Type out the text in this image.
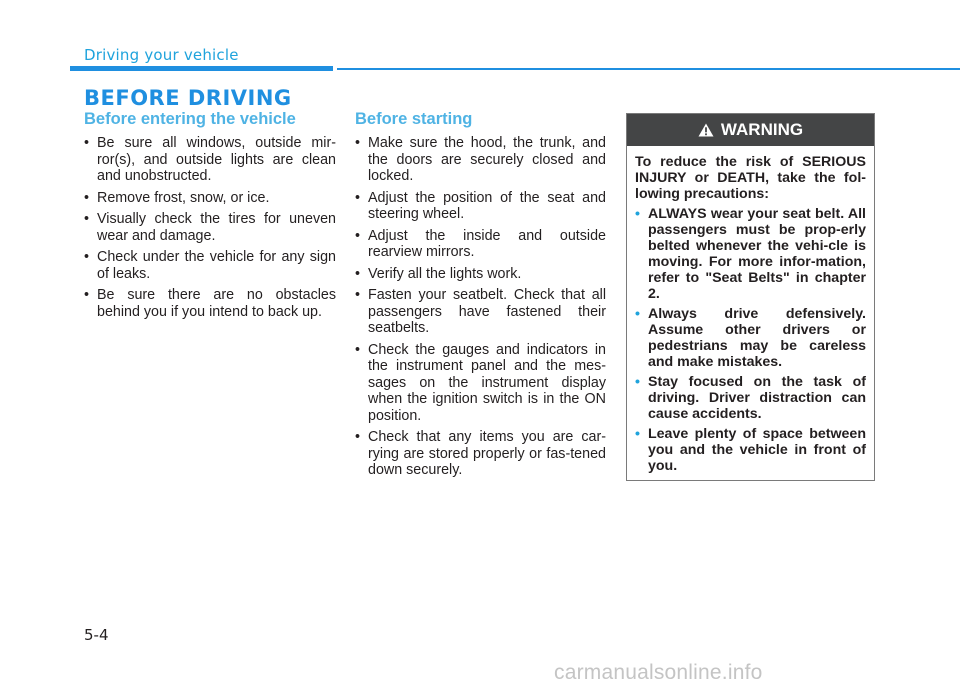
Driving your vehicle
BEFORE DRIVING
Before entering the vehicle
• Be sure all windows, outside mir-ror(s), and outside lights are clean and unobstructed.
• Remove frost, snow, or ice.
• Visually check the tires for uneven wear and damage.
• Check under the vehicle for any sign of leaks.
• Be sure there are no obstacles behind you if you intend to back up.
Before starting
• Make sure the hood, the trunk, and the doors are securely closed and locked.
• Adjust the position of the seat and steering wheel.
• Adjust the inside and outside rearview mirrors.
• Verify all the lights work.
• Fasten your seatbelt. Check that all passengers have fastened their seatbelts.
• Check the gauges and indicators in the instrument panel and the mes-sages on the instrument display when the ignition switch is in the ON position.
• Check that any items you are car-rying are stored properly or fas-tened down securely.
WARNING
To reduce the risk of SERIOUS INJURY or DEATH, take the fol-lowing precautions:
• ALWAYS wear your seat belt. All passengers must be prop-erly belted whenever the vehi-cle is moving. For more infor-mation, refer to "Seat Belts" in chapter 2.
• Always drive defensively. Assume other drivers or pedestrians may be careless and make mistakes.
• Stay focused on the task of driving. Driver distraction can cause accidents.
• Leave plenty of space between you and the vehicle in front of you.
5-4
carmanualsonline.info
